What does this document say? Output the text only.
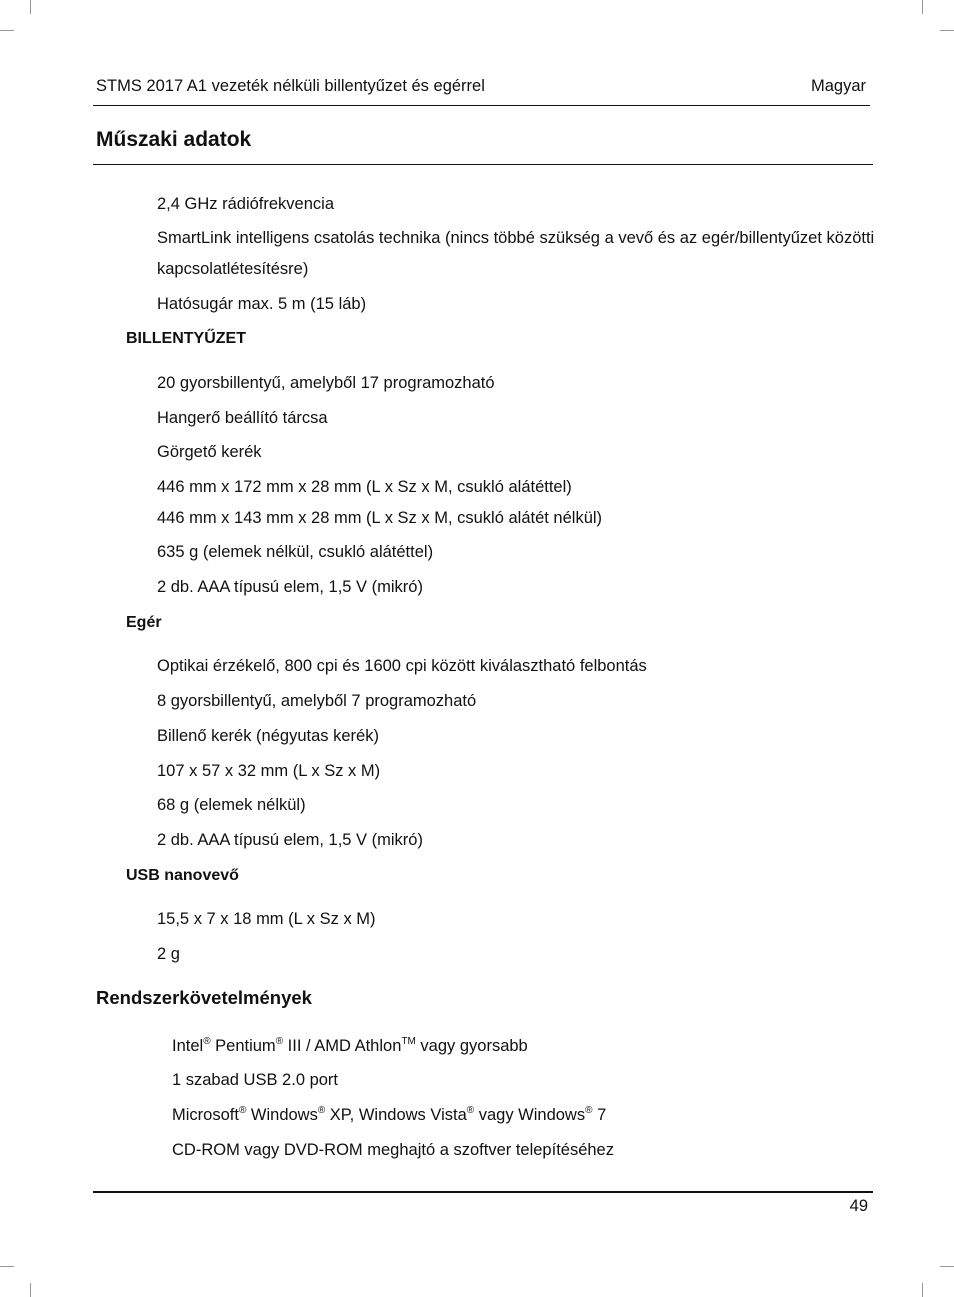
STMS 2017 A1 vezeték nélküli billentyűzet és egérrel	Magyar
Műszaki adatok
2,4 GHz rádiófrekvencia
SmartLink intelligens csatolás technika (nincs többé szükség a vevő és az egér/billentyűzet közötti
kapcsolatlétesítésre)
Hatósugár max. 5 m (15 láb)
BILLENTYŰZET
20 gyorsbillentyű, amelyből 17 programozható
Hangerő beállító tárcsa
Görgető kerék
446 mm x 172 mm x 28 mm (L x Sz x M, csukló alátéttel)
446 mm x 143 mm x 28 mm (L x Sz x M, csukló alátét nélkül)
635 g (elemek nélkül, csukló alátéttel)
2 db. AAA típusú elem, 1,5 V (mikró)
Egér
Optikai érzékelő, 800 cpi és 1600 cpi között kiválasztható felbontás
8 gyorsbillentyű, amelyből 7 programozható
Billenő kerék (négyutas kerék)
107 x 57 x 32 mm (L x Sz x M)
68 g (elemek nélkül)
2 db. AAA típusú elem, 1,5 V (mikró)
USB nanovevő
15,5 x 7 x 18 mm (L x Sz x M)
2 g
Rendszerkövetelmények
Intel® Pentium® III / AMD Athlon™ vagy gyorsabb
1 szabad USB 2.0 port
Microsoft® Windows® XP, Windows Vista® vagy Windows® 7
CD-ROM vagy DVD-ROM meghajtó a szoftver telepítéséhez
49
